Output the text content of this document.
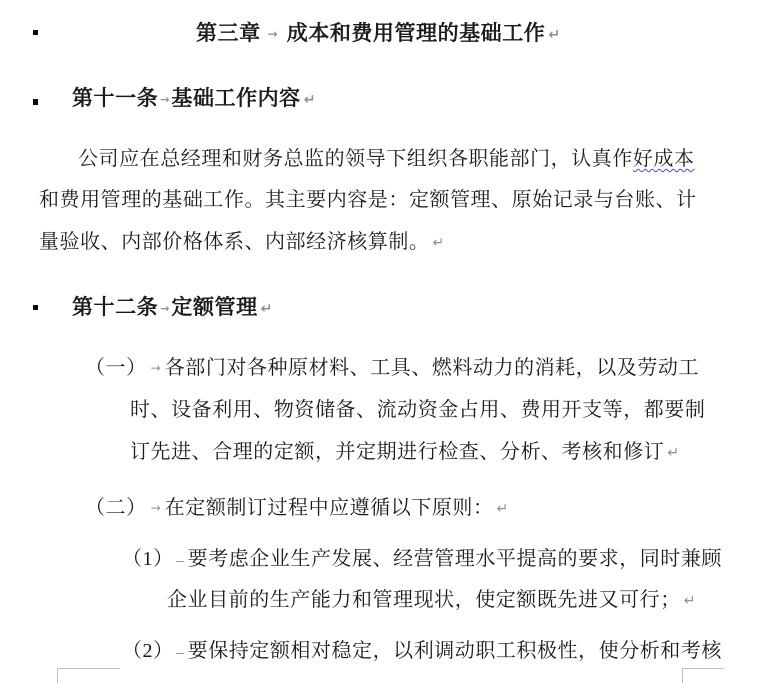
第三章 → 成本和费用管理的基础工作 ↵
第十一条 →基础工作内容 ↵
公司应在总经理和财务总监的领导下组织各职能部门，认真作好成本
和费用管理的基础工作。其主要内容是：定额管理、原始记录与台账、计
量验收、内部价格体系、内部经济核算制。 ↵
第十二条 →定额管理 ↵
（一） → 各部门对各种原材料、工具、燃料动力的消耗，以及劳动工
时、设备利用、物资储备、流动资金占用、费用开支等，都要制
订先进、合理的定额，并定期进行检查、分析、考核和修订 ↵
（二） → 在定额制订过程中应遵循以下原则： ↵
（1） 要考虑企业生产发展、经营管理水平提高的要求，同时兼顾
企业目前的生产能力和管理现状，使定额既先进又可行； ↵
（2） 要保持定额相对稳定，以利调动职工积极性，使分析和考核
